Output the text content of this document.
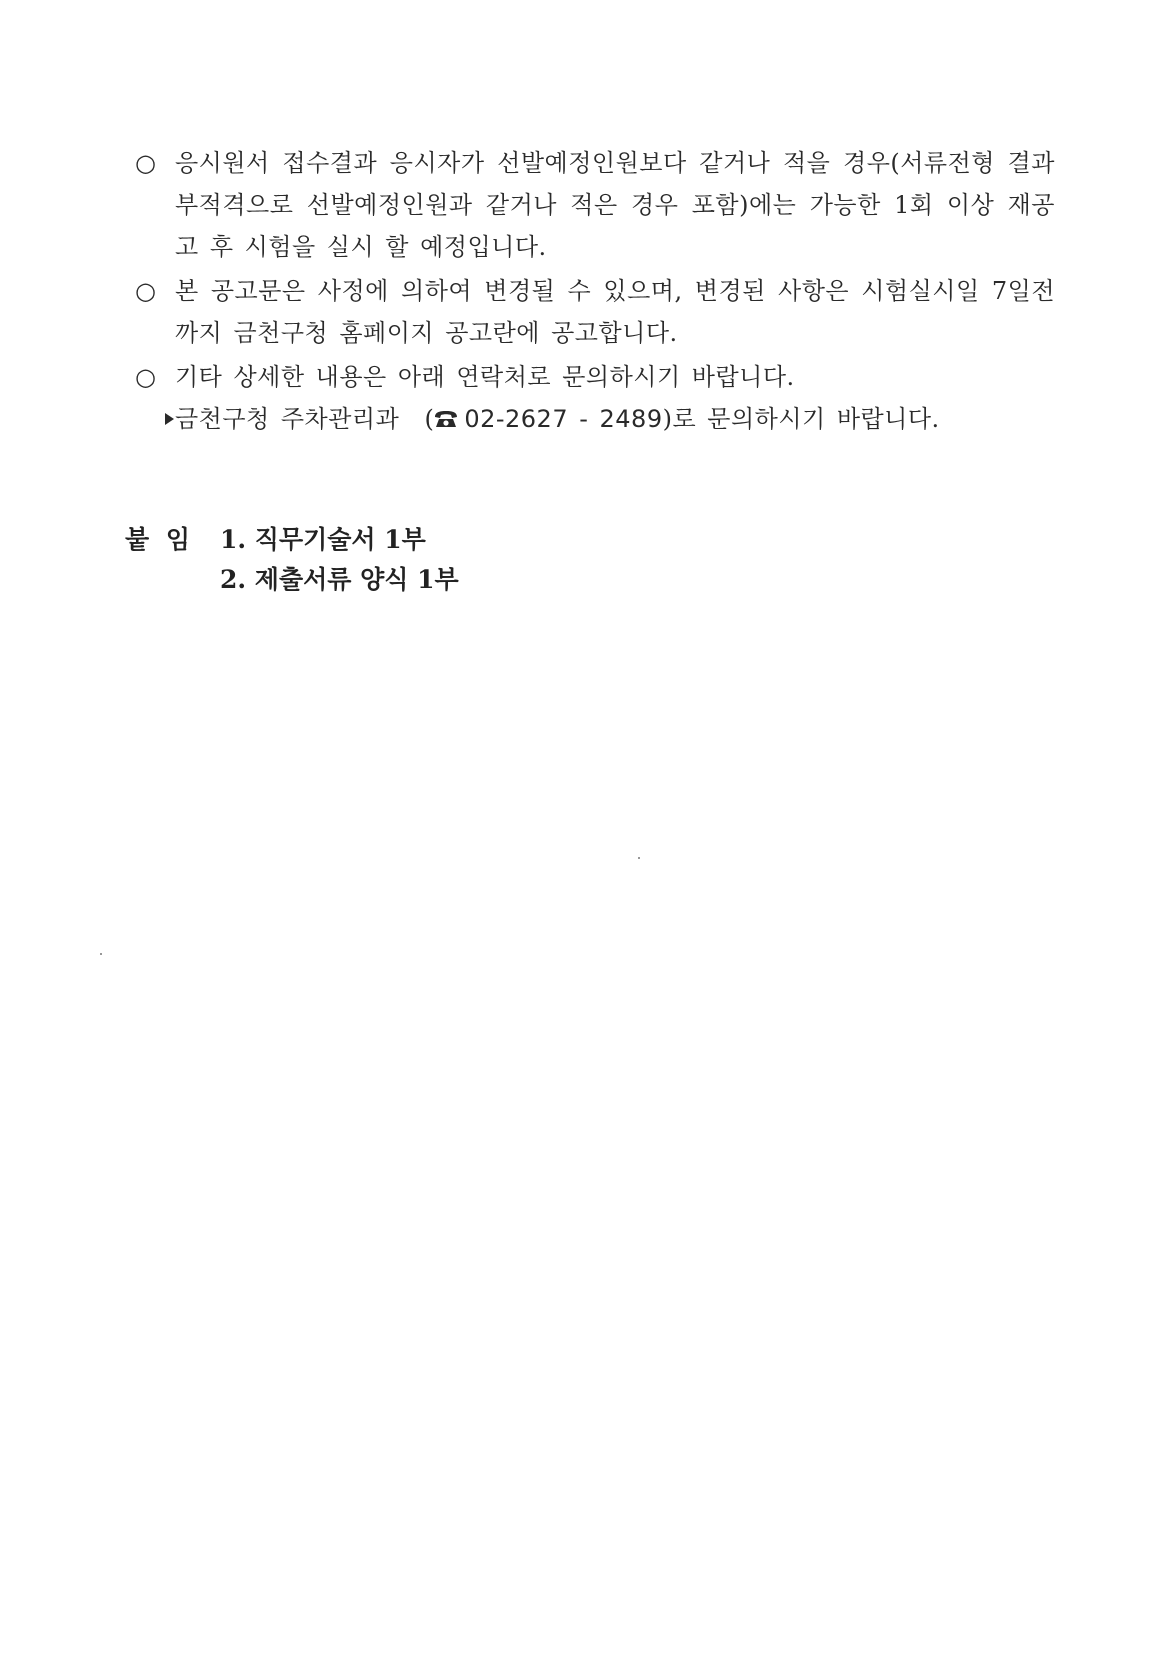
○ 응시원서 접수결과 응시자가 선발예정인원보다 같거나 적을 경우(서류전형 결과 부적격으로 선발예정인원과 같거나 적은 경우 포함)에는 가능한 1회 이상 재공고 후 시험을 실시 할 예정입니다.
○ 본 공고문은 사정에 의하여 변경될 수 있으며, 변경된 사항은 시험실시일 7일전까지 금천구청 홈페이지 공고란에 공고합니다.
○ 기타 상세한 내용은 아래 연락처로 문의하시기 바랍니다.
금천구청 주차관리과 ( 02-2627 - 2489)로 문의하시기 바랍니다.
붙 임 1. 직무기술서 1부
2. 제출서류 양식 1부
